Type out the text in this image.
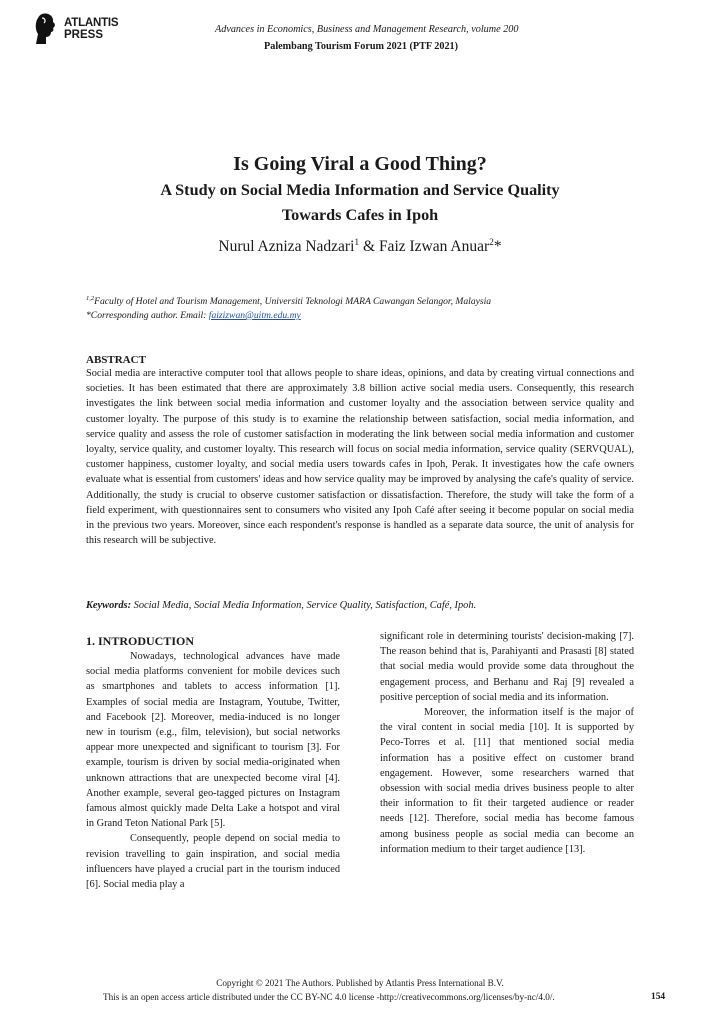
ATLANTIS
PRESS	Advances in Economics, Business and Management Research, volume 200
Palembang Tourism Forum 2021 (PTF 2021)
Is Going Viral a Good Thing?
A Study on Social Media Information and Service Quality
Towards Cafes in Ipoh
Nurul Azniza Nadzari$^1$ & Faiz Izwan Anuar$^2$*
$^{1,2}$Faculty of Hotel and Tourism Management, Universiti Teknologi MARA Cawangan Selangor, Malaysia
*Corresponding author. Email: faizizwan@uitm.edu.my
ABSTRACT
Social media are interactive computer tool that allows people to share ideas, opinions, and data by creating virtual connections and societies. It has been estimated that there are approximately 3.8 billion active social media users. Consequently, this research investigates the link between social media information and customer loyalty and the association between service quality and customer loyalty. The purpose of this study is to examine the relationship between satisfaction, social media information, and service quality and assess the role of customer satisfaction in moderating the link between social media information and customer loyalty, service quality, and customer loyalty. This research will focus on social media information, service quality (SERVQUAL), customer happiness, customer loyalty, and social media users towards cafes in Ipoh, Perak. It investigates how the cafe owners evaluate what is essential from customers' ideas and how service quality may be improved by analysing the cafe's quality of service. Additionally, the study is crucial to observe customer satisfaction or dissatisfaction. Therefore, the study will take the form of a field experiment, with questionnaires sent to consumers who visited any Ipoh Café after seeing it become popular on social media in the previous two years. Moreover, since each respondent's response is handled as a separate data source, the unit of analysis for this research will be subjective.
Keywords: Social Media, Social Media Information, Service Quality, Satisfaction, Café, Ipoh.
1. INTRODUCTION

Nowadays, technological advances have made social media platforms convenient for mobile devices such as smartphones and tablets to access information [1]. Examples of social media are Instagram, Youtube, Twitter, and Facebook [2]. Moreover, media-induced is no longer new in tourism (e.g., film, television), but social networks appear more unexpected and significant to tourism [3]. For example, tourism is driven by social media-originated when unknown attractions that are unexpected become viral [4]. Another example, several geo-tagged pictures on Instagram famous almost quickly made Delta Lake a hotspot and viral in Grand Teton National Park [5].

Consequently, people depend on social media to revision travelling to gain inspiration, and social media influencers have played a crucial part in the tourism induced [6]. Social media play a

significant role in determining tourists' decision-making [7]. The reason behind that is, Parahiyanti and Prasasti [8] stated that social media would provide some data throughout the engagement process, and Berhanu and Raj [9] revealed a positive perception of social media and its information.

Moreover, the information itself is the major of the viral content in social media [10]. It is supported by Peco-Torres et al. [11] that mentioned social media information has a positive effect on customer brand engagement. However, some researchers warned that obsession with social media drives business people to alter their information to fit their targeted audience or reader needs [12]. Therefore, social media has become famous among business people as social media can become an information medium to their target audience [13].

Copyright © 2021 The Authors. Published by Atlantis Press International B.V.
This is an open access article distributed under the CC BY-NC 4.0 license -http://creativecommons.org/licenses/by-nc/4.0/.	154
